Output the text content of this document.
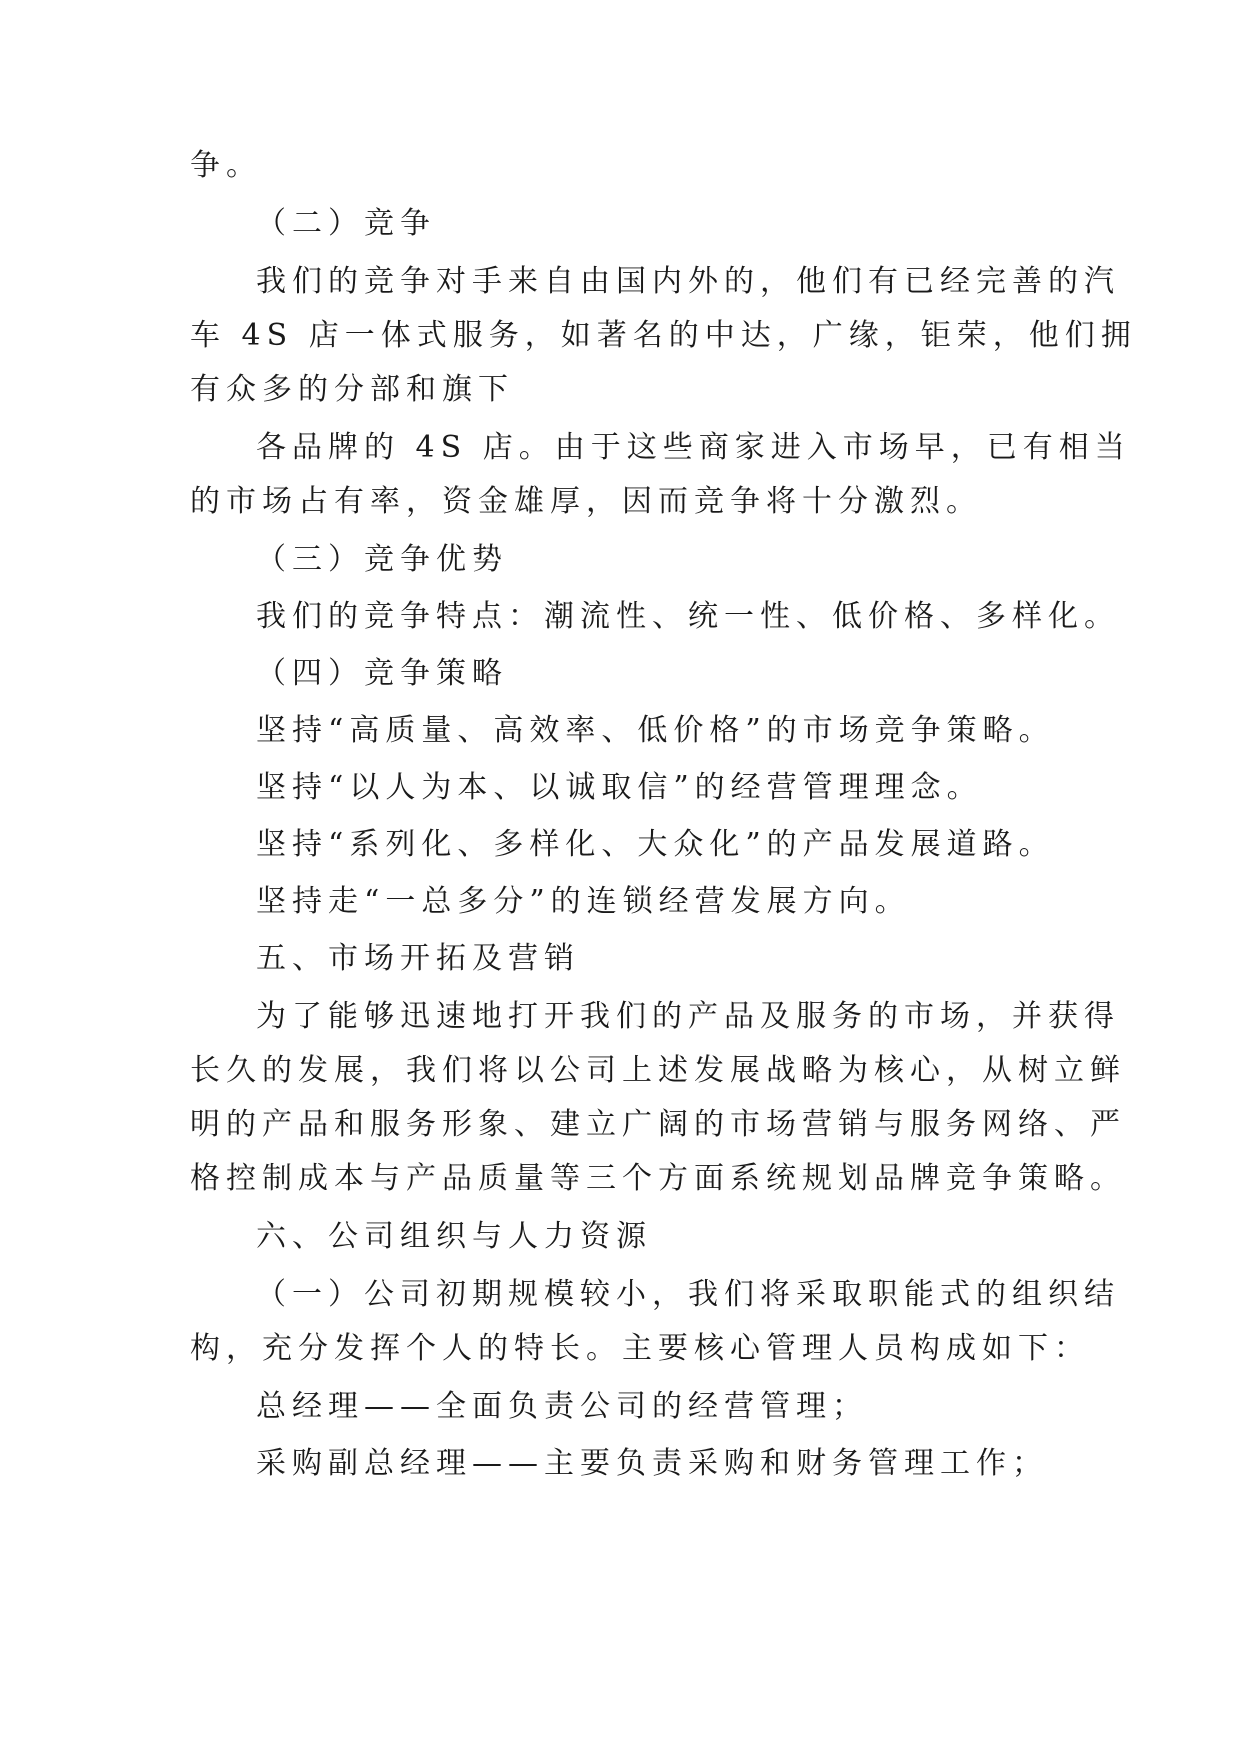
争。
（二）竞争
我们的竞争对手来自由国内外的，他们有已经完善的汽
车 4S 店一体式服务，如著名的中达，广缘，钜荣，他们拥
有众多的分部和旗下
各品牌的 4S 店。由于这些商家进入市场早，已有相当
的市场占有率，资金雄厚，因而竞争将十分激烈。
（三）竞争优势
我们的竞争特点：潮流性、统一性、低价格、多样化。
（四）竞争策略
坚持“高质量、高效率、低价格”的市场竞争策略。
坚持“以人为本、以诚取信”的经营管理理念。
坚持“系列化、多样化、大众化”的产品发展道路。
坚持走“一总多分”的连锁经营发展方向。
五、市场开拓及营销
为了能够迅速地打开我们的产品及服务的市场，并获得
长久的发展，我们将以公司上述发展战略为核心，从树立鲜
明的产品和服务形象、建立广阔的市场营销与服务网络、严
格控制成本与产品质量等三个方面系统规划品牌竞争策略。
六、公司组织与人力资源
（一）公司初期规模较小，我们将采取职能式的组织结
构，充分发挥个人的特长。主要核心管理人员构成如下：
总经理——全面负责公司的经营管理；
采购副总经理——主要负责采购和财务管理工作；
